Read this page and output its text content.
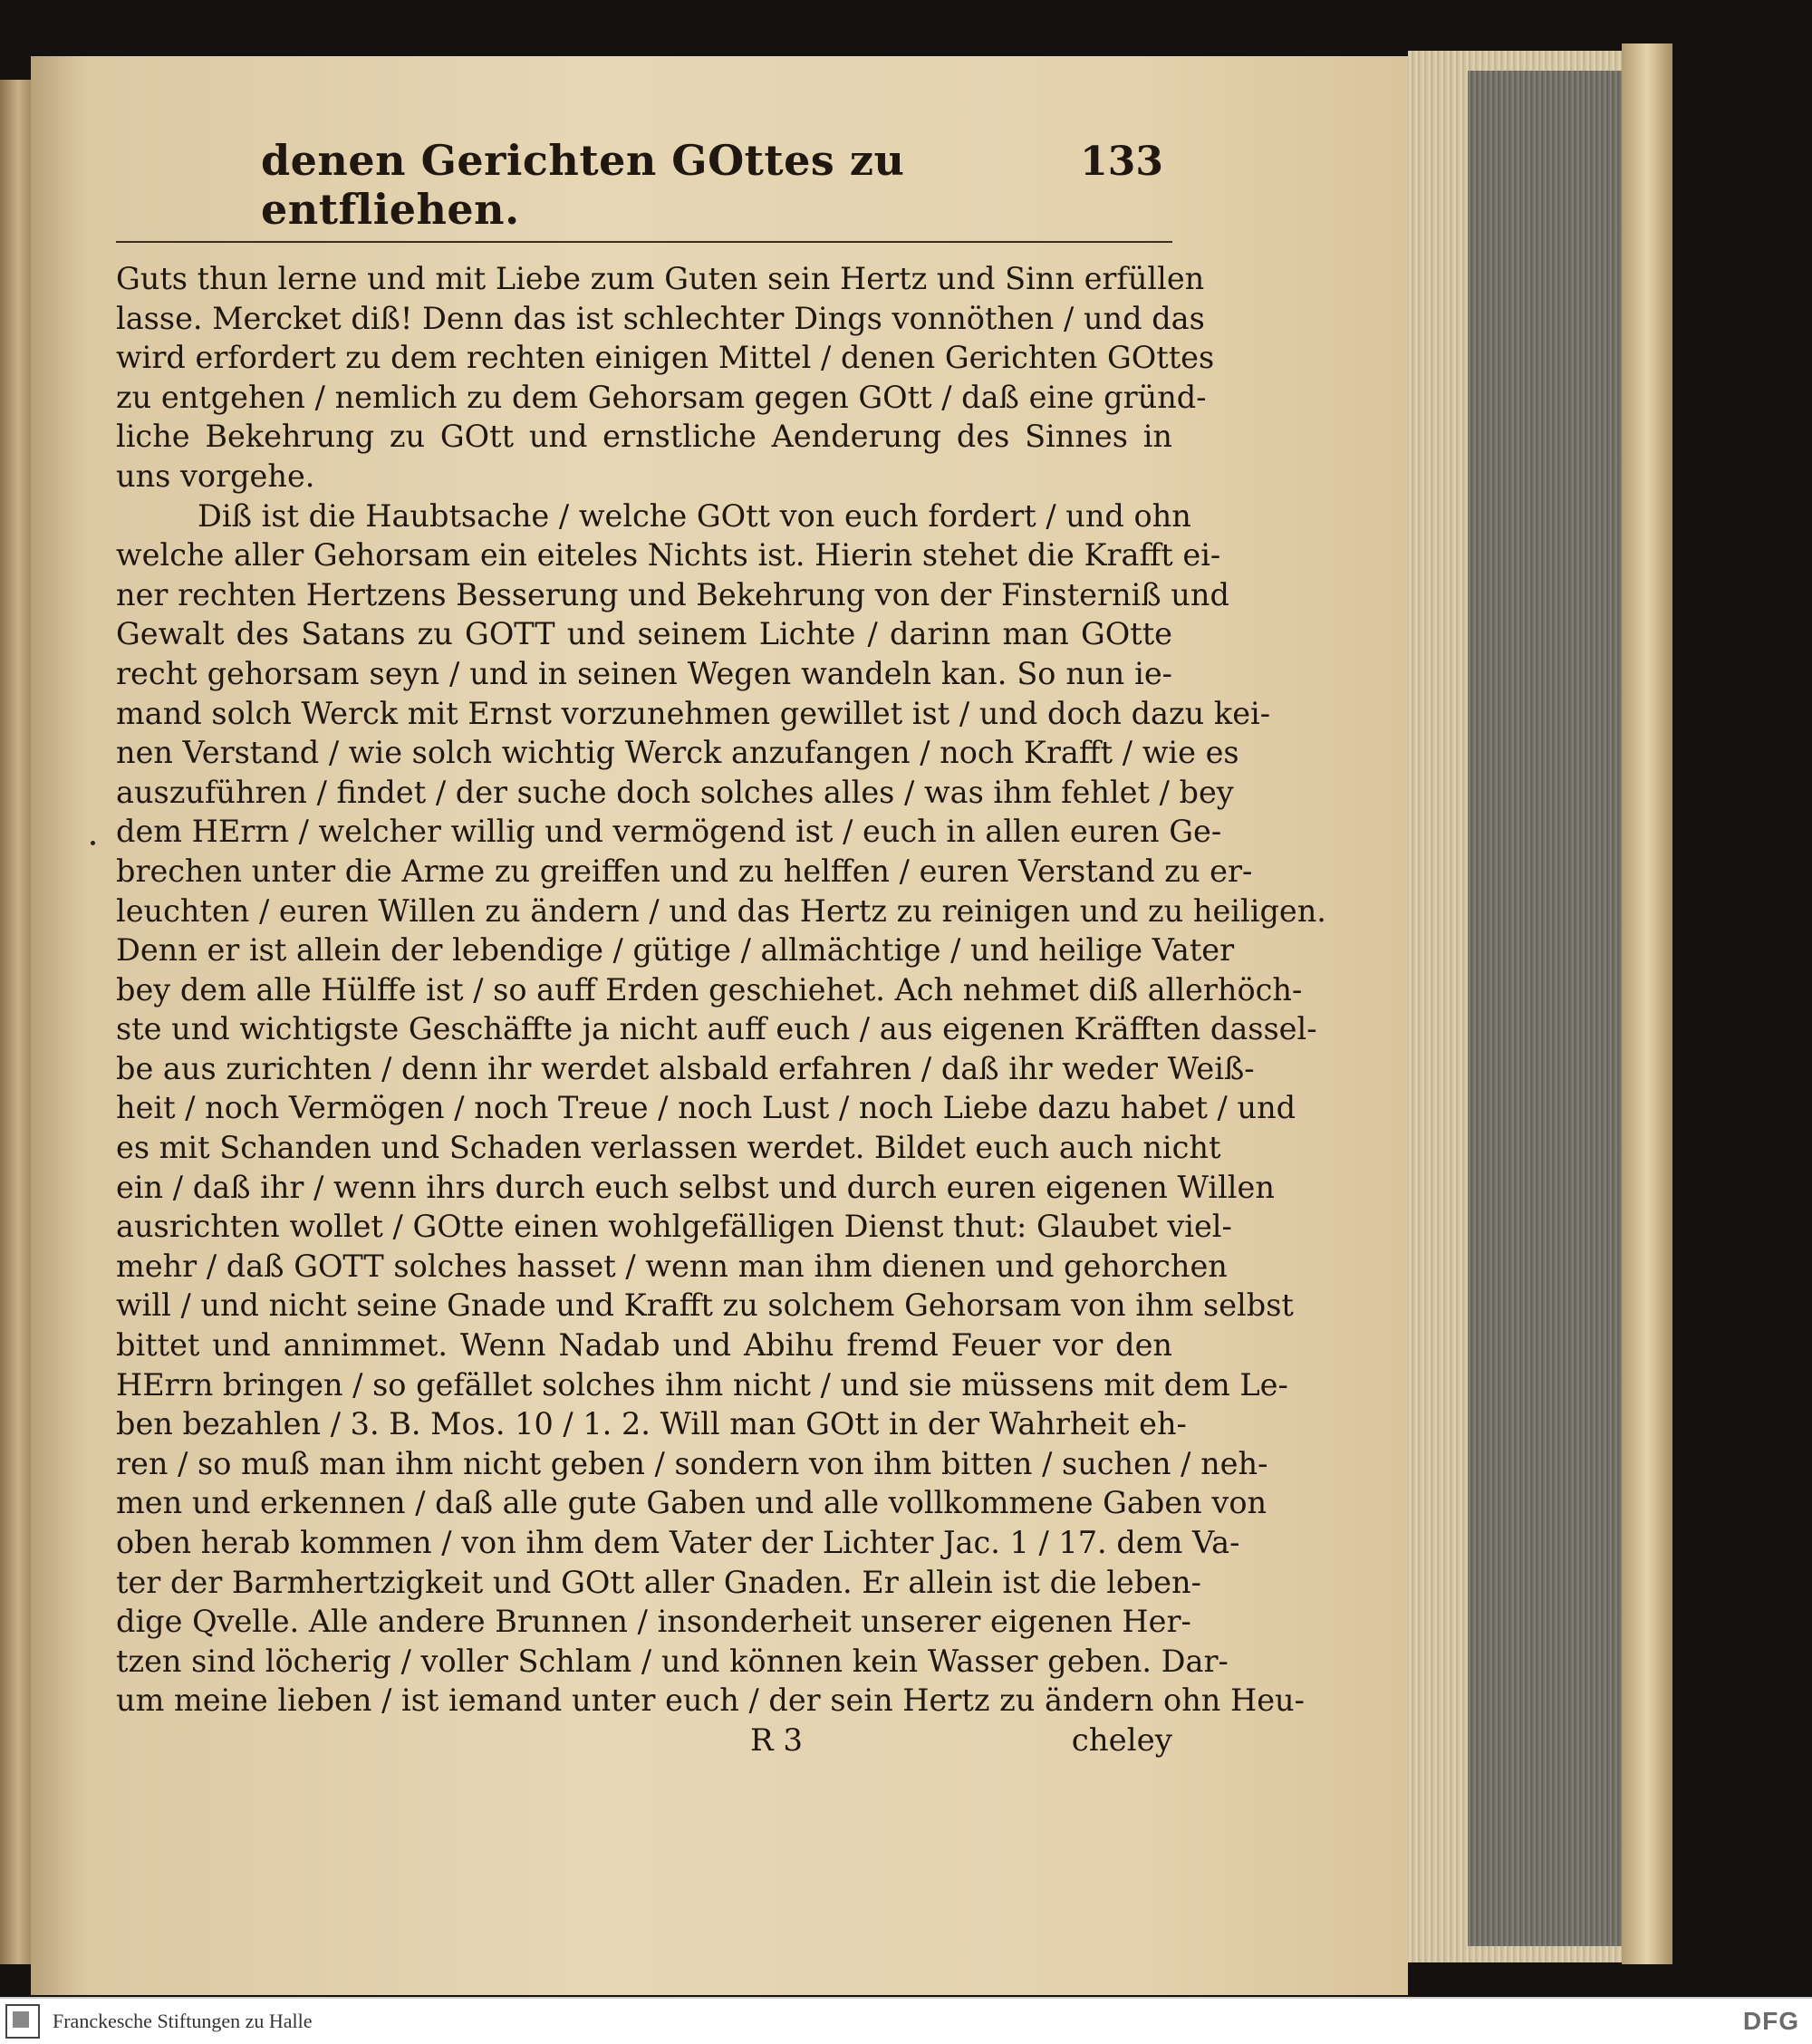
denen Gerichten GOttes zu entfliehen.
133
Guts thun lerne und mit Liebe zum Guten sein Hertz und Sinn erfüllen
lasse. Mercket diß! Denn das ist schlechter Dings vonnöthen / und das
wird erfordert zu dem rechten einigen Mittel / denen Gerichten GOttes
zu entgehen / nemlich zu dem Gehorsam gegen GOtt / daß eine gründ-
liche Bekehrung zu GOtt und ernstliche Aenderung des Sinnes in
uns vorgehe.
Diß ist die Haubtsache / welche GOtt von euch fordert / und ohn
welche aller Gehorsam ein eiteles Nichts ist. Hierin stehet die Krafft ei-
ner rechten Hertzens Besserung und Bekehrung von der Finsterniß und
Gewalt des Satans zu GOTT und seinem Lichte / darinn man GOtte
recht gehorsam seyn / und in seinen Wegen wandeln kan. So nun ie-
mand solch Werck mit Ernst vorzunehmen gewillet ist / und doch dazu kei-
nen Verstand / wie solch wichtig Werck anzufangen / noch Krafft / wie es
auszuführen / findet / der suche doch solches alles / was ihm fehlet / bey
dem HErrn / welcher willig und vermögend ist / euch in allen euren Ge-
brechen unter die Arme zu greiffen und zu helffen / euren Verstand zu er-
leuchten / euren Willen zu ändern / und das Hertz zu reinigen und zu heiligen.
Denn er ist allein der lebendige / gütige / allmächtige / und heilige Vater
bey dem alle Hülffe ist / so auff Erden geschiehet. Ach nehmet diß allerhöch-
ste und wichtigste Geschäffte ja nicht auff euch / aus eigenen Kräfften dassel-
be aus zurichten / denn ihr werdet alsbald erfahren / daß ihr weder Weiß-
heit / noch Vermögen / noch Treue / noch Lust / noch Liebe dazu habet / und
es mit Schanden und Schaden verlassen werdet. Bildet euch auch nicht
ein / daß ihr / wenn ihrs durch euch selbst und durch euren eigenen Willen
ausrichten wollet / GOtte einen wohlgefälligen Dienst thut: Glaubet viel-
mehr / daß GOTT solches hasset / wenn man ihm dienen und gehorchen
will / und nicht seine Gnade und Krafft zu solchem Gehorsam von ihm selbst
bittet und annimmet. Wenn Nadab und Abihu fremd Feuer vor den
HErrn bringen / so gefället solches ihm nicht / und sie müssens mit dem Le-
ben bezahlen / 3. B. Mos. 10 / 1. 2. Will man GOtt in der Wahrheit eh-
ren / so muß man ihm nicht geben / sondern von ihm bitten / suchen / neh-
men und erkennen / daß alle gute Gaben und alle vollkommene Gaben von
oben herab kommen / von ihm dem Vater der Lichter Jac. 1 / 17. dem Va-
ter der Barmhertzigkeit und GOtt aller Gnaden. Er allein ist die leben-
dige Qvelle. Alle andere Brunnen / insonderheit unserer eigenen Her-
tzen sind löcherig / voller Schlam / und können kein Wasser geben. Dar-
um meine lieben / ist iemand unter euch / der sein Hertz zu ändern ohn Heu-
R 3	cheley
Franckesche Stiftungen zu Halle	DFG
